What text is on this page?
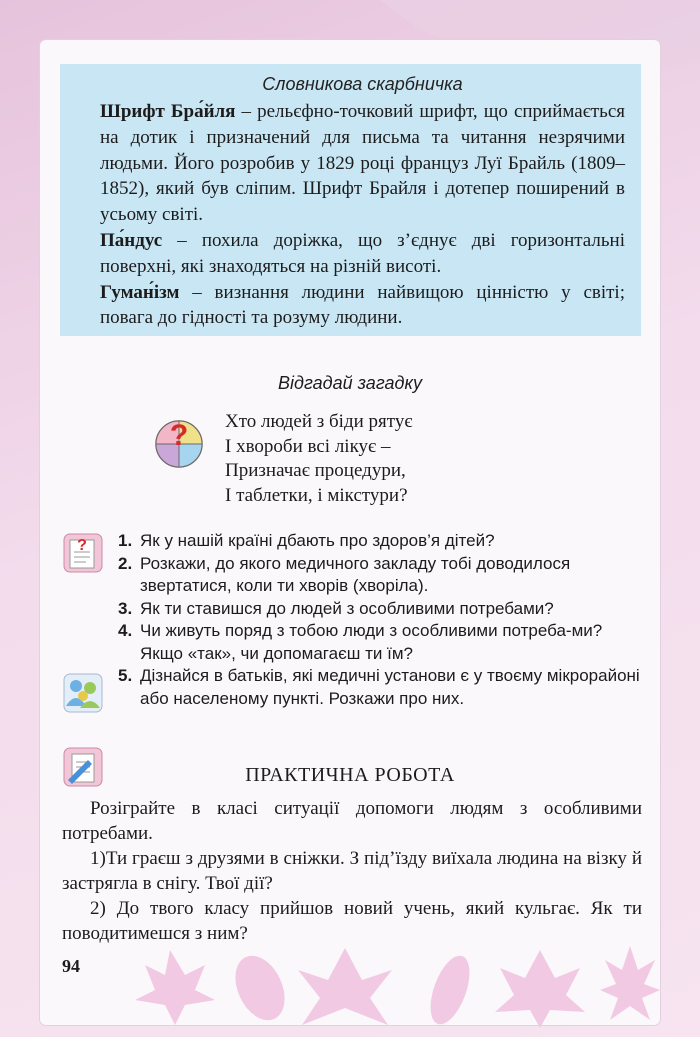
Словникова скарбничка

Шрифт Бра́йля – рельєфно-точковий шрифт, що сприймається на дотик і призначений для письма та читання незрячими людьми. Його розробив у 1829 році француз Луї Брайль (1809–1852), який був сліпим. Шрифт Брайля і дотепер поширений в усьому світі.

Па́ндус – похила доріжка, що з’єднує дві горизонтальні поверхні, які знаходяться на різній висоті.

Гуман́ізм – визнання людини найвищою цінністю у світі; повага до гідності та розуму людини.

Відгадай загадку
? Хто людей з біди рятує
І хвороби всі лікує –
Призначає процедури,
І таблетки, і мікстури?
? 1. Як у нашій країні дбають про здоров’я дітей?
2. Розкажи, до якого медичного закладу тобі доводилося звертатися, коли ти хворів (хворіла).
3. Як ти ставишся до людей з особливими потребами?
4. Чи живуть поряд з тобою люди з особливими потреба-ми? Якщо «так», чи допомагаєш ти їм?
5. Дізнайся в батьків, які медичні установи є у твоєму мікрорайоні або населеному пункті. Розкажи про них.
ПРАКТИЧНА РОБОТА

Розіграйте в класі ситуації допомоги людям з особливими потребами.

1)Ти граєш з друзями в сніжки. З під’їзду виїхала людина на візку й застрягла в снігу. Твої дії?

2) До твого класу прийшов новий учень, який кульгає. Як ти поводитимешся з ним?

94
